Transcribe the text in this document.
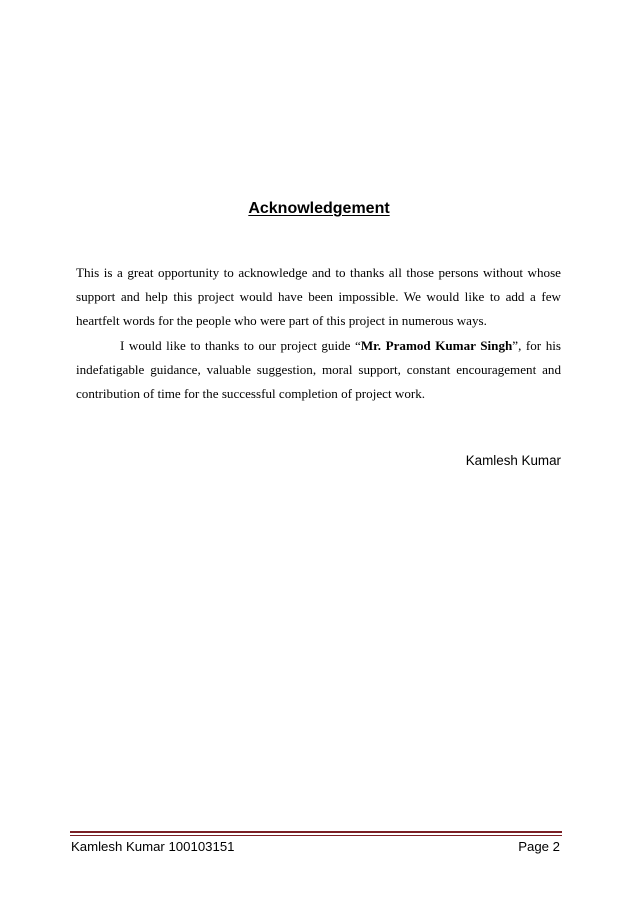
Acknowledgement

This is a great opportunity to acknowledge and to thanks all those persons without whose support and help this project would have been impossible. We would like to add a few heartfelt words for the people who were part of this project in numerous ways.

I would like to thanks to our project guide “Mr. Pramod Kumar Singh”, for his indefatigable guidance, valuable suggestion, moral support, constant encouragement and contribution of time for the successful completion of project work.

Kamlesh Kumar
Kamlesh Kumar 100103151	Page 2
